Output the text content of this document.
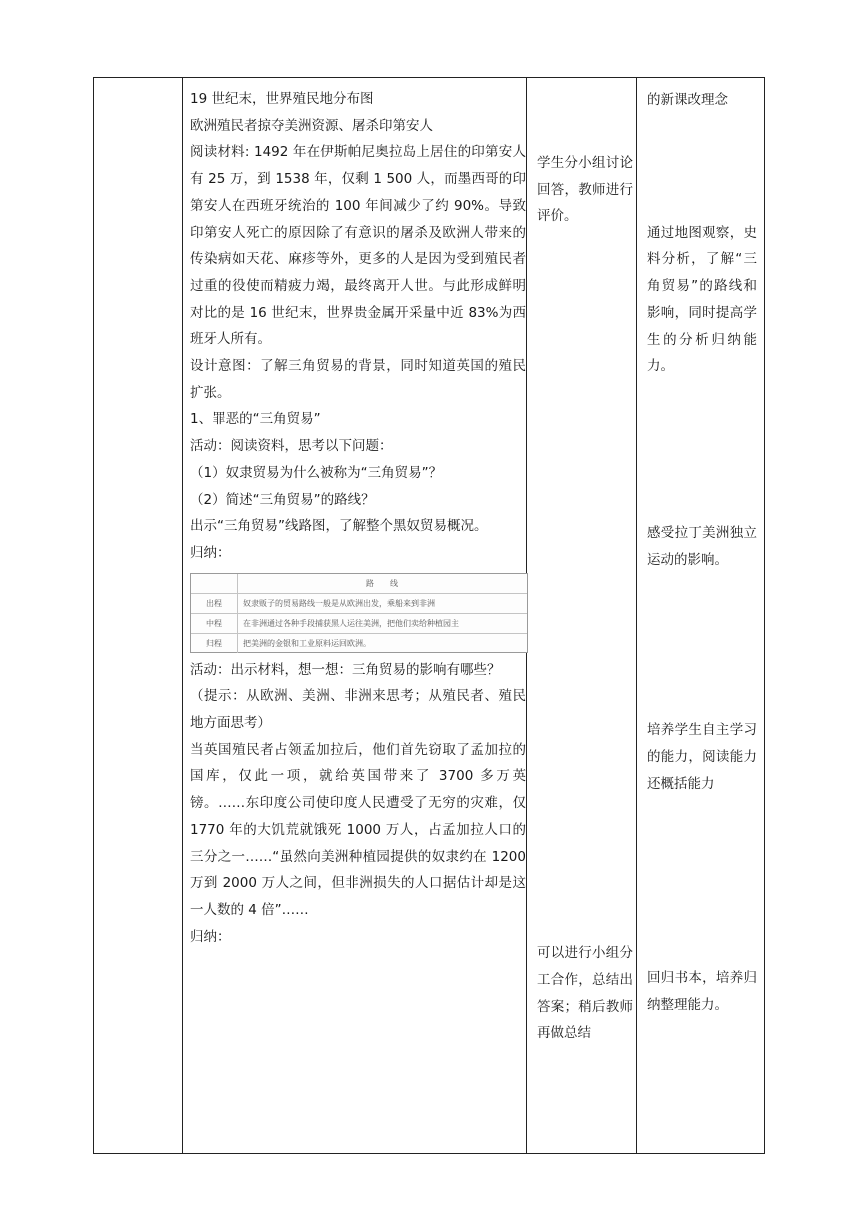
19 世纪末，世界殖民地分布图

欧洲殖民者掠夺美洲资源、屠杀印第安人

阅读材料: 1492 年在伊斯帕尼奥拉岛上居住的印第安人有 25 万，到 1538 年，仅剩 1 500 人，而墨西哥的印第安人在西班牙统治的 100 年间减少了约 90%。导致印第安人死亡的原因除了有意识的屠杀及欧洲人带来的传染病如天花、麻疹等外，更多的人是因为受到殖民者过重的役使而精疲力竭，最终离开人世。与此形成鲜明对比的是 16 世纪末，世界贵金属开采量中近 83%为西班牙人所有。

设计意图：了解三角贸易的背景，同时知道英国的殖民扩张。

1、罪恶的“三角贸易”

活动：阅读资料，思考以下问题：

（1）奴隶贸易为什么被称为“三角贸易”？

（2）简述“三角贸易”的路线？

出示“三角贸易”线路图，了解整个黑奴贸易概况。

归纳：

路　　线
出程	奴隶贩子的贸易路线一般是从欧洲出发，乘船来到非洲
中程	在非洲通过各种手段捕获黑人运往美洲，把他们卖给种植园主
归程	把美洲的金银和工业原料运回欧洲。

活动：出示材料，想一想：三角贸易的影响有哪些？

（提示：从欧洲、美洲、非洲来思考；从殖民者、殖民地方面思考）

当英国殖民者占领孟加拉后，他们首先窃取了孟加拉的国库，仅此一项，就给英国带来了 3700 多万英镑。……东印度公司使印度人民遭受了无穷的灾难，仅 1770 年的大饥荒就饿死 1000 万人，占孟加拉人口的三分之一……“虽然向美洲种植园提供的奴隶约在 1200 万到 2000 万人之间，但非洲损失的人口据估计却是这一人数的 4 倍”……

归纳：

学生分小组讨论回答，教师进行评价。

可以进行小组分工合作，总结出答案；稍后教师再做总结

的新课改理念

通过地图观察，史料分析，了解“三角贸易”的路线和影响，同时提高学生的分析归纳能力。

感受拉丁美洲独立运动的影响。

培养学生自主学习的能力，阅读能力还概括能力

回归书本，培养归纳整理能力。
